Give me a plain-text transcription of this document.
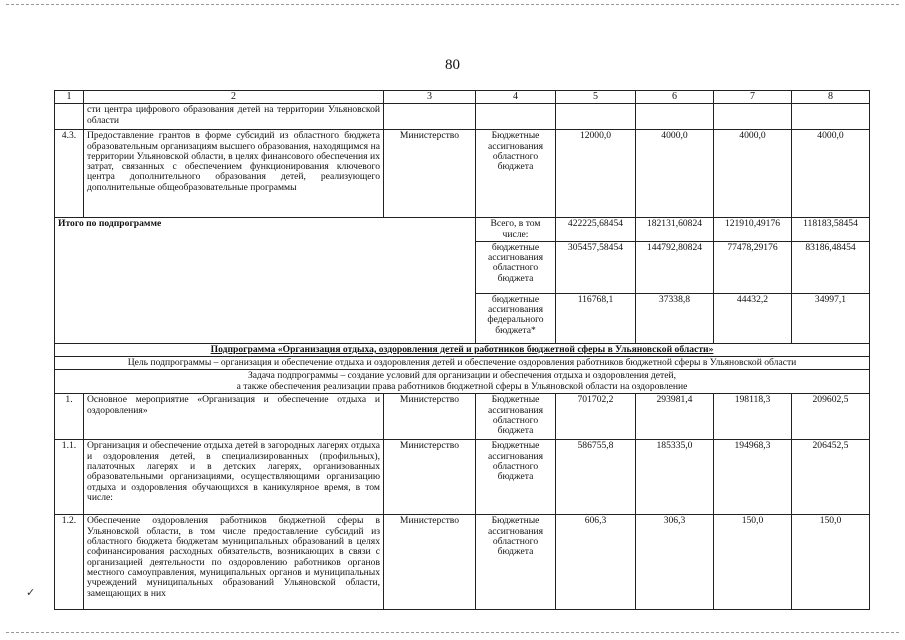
80
1	2	3	4	5	6	7	8
	сти центра цифрового образования детей на территории Ульяновской области						
4.3.	Предоставление грантов в форме субсидий из областного бюджета образовательным организациям высшего образования, находящимся на территории Ульяновской области, в целях финансового обеспечения их затрат, связанных с обеспечением функционирования ключевого центра дополнительного образования детей, реализующего дополнительные общеобразовательные программы	Министерство	Бюджетные ассигнования областного бюджета	12000,0	4000,0	4000,0	4000,0
Итого по подпрограмме			Всего, в том числе:	422225,68454	182131,60824	121910,49176	118183,58454
			бюджетные ассигнования областного бюджета	305457,58454	144792,80824	77478,29176	83186,48454
			бюджетные ассигнования федерального бюджета*	116768,1	37338,8	44432,2	34997,1
Подпрограмма «Организация отдыха, оздоровления детей и работников бюджетной сферы в Ульяновской области»							
Цель подпрограммы – организация и обеспечение отдыха и оздоровления детей и обеспечение оздоровления работников бюджетной сферы в Ульяновской области							

Задача подпрограммы – создание условий для организации и обеспечения отдыха и оздоровления детей,
а также обеспечения реализации права работников бюджетной сферы в Ульяновской области на оздоровление							

1.	Основное мероприятие «Организация и обеспечение отдыха и оздоровления»	Министерство	Бюджетные ассигнования областного бюджета	701702,2	293981,4	198118,3	209602,5
1.1.	Организация и обеспечение отдыха детей в загородных лагерях отдыха и оздоровления детей, в специализированных (профильных), палаточных лагерях и в детских лагерях, организованных образовательными организациями, осуществляющими организацию отдыха и оздоровления обучающихся в каникулярное время, в том числе:	Министерство	Бюджетные ассигнования областного бюджета	586755,8	185335,0	194968,3	206452,5
1.2.	Обеспечение оздоровления работников бюджетной сферы в Ульяновской области, в том числе предоставление субсидий из областного бюджета бюджетам муниципальных образований в целях софинансирования расходных обязательств, возникающих в связи с организацией деятельности по оздоровлению работников органов местного самоуправления, муниципальных органов и муниципальных учреждений муниципальных образований Ульяновской области, замещающих в них	Министерство	Бюджетные ассигнования областного бюджета	606,3	306,3	150,0	150,0
✓
